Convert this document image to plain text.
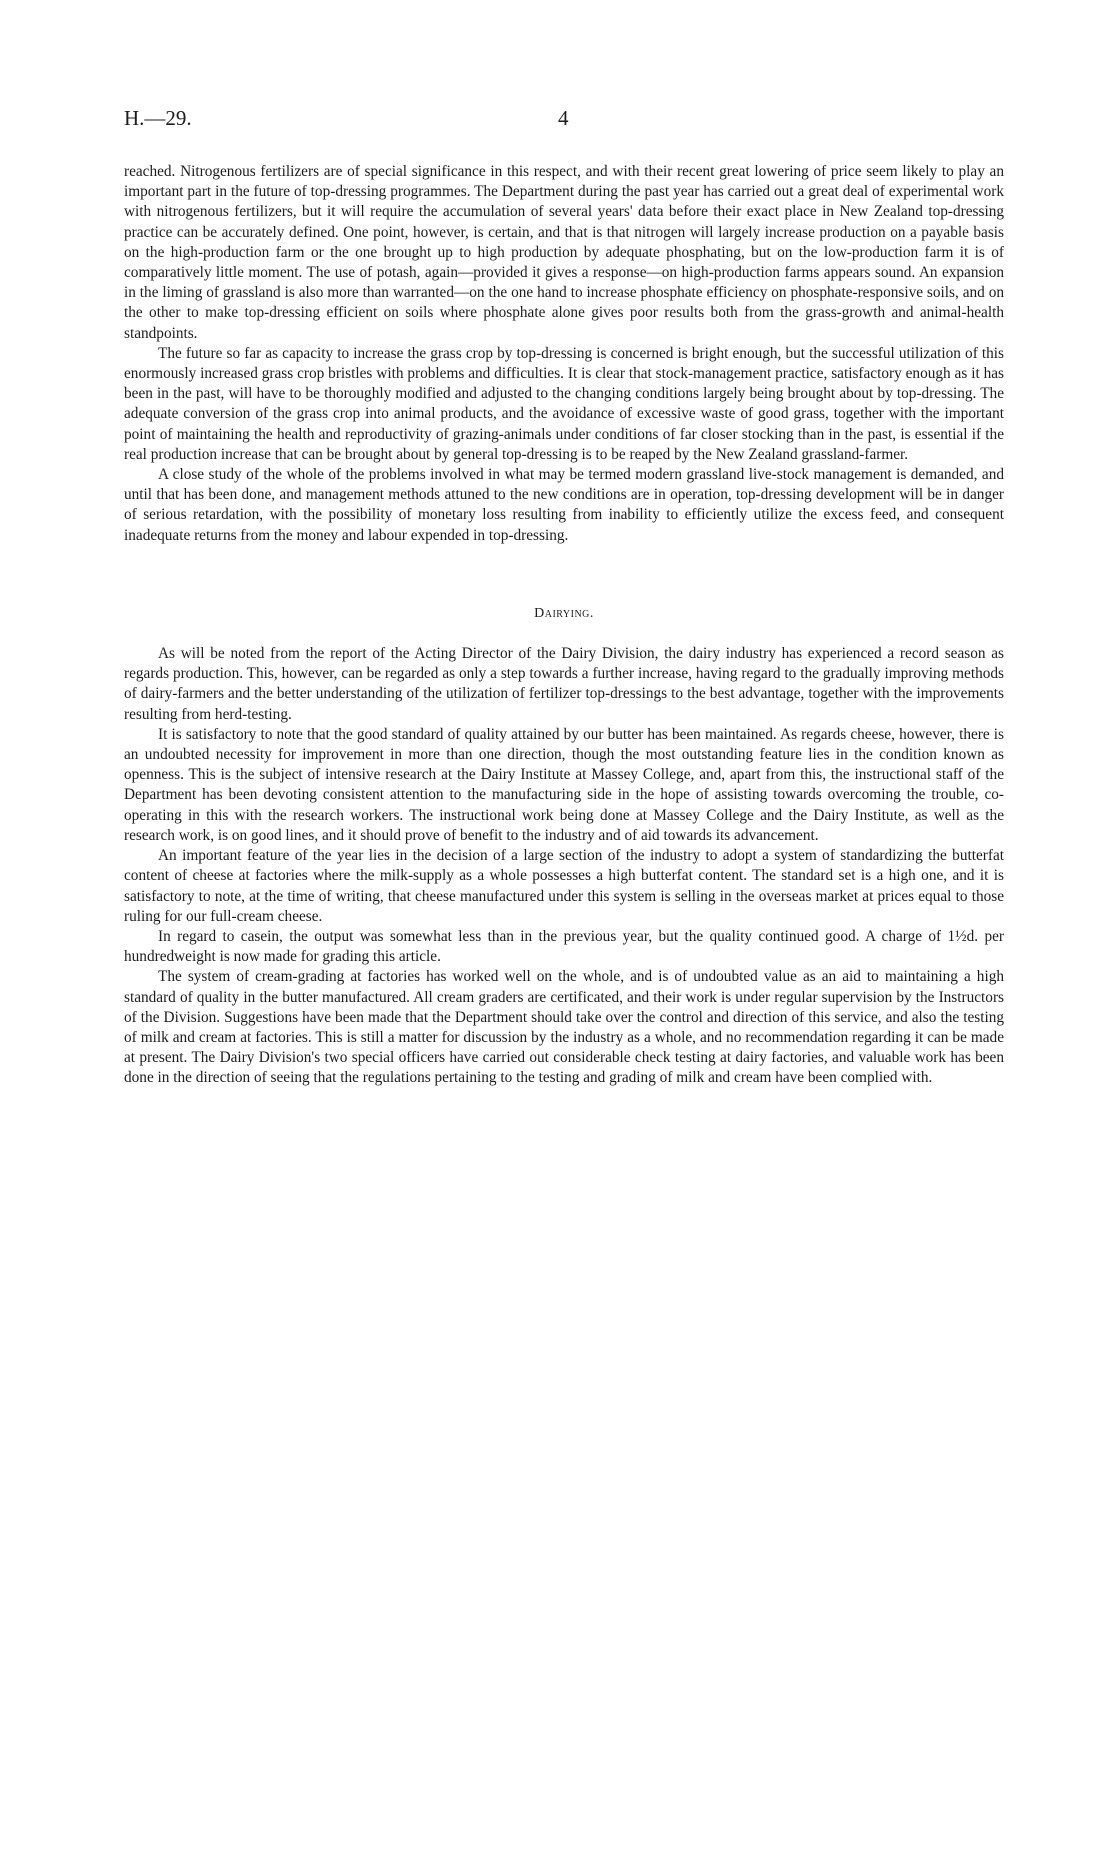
H.—29.	4

reached. Nitrogenous fertilizers are of special significance in this respect, and with their recent great lowering of price seem likely to play an important part in the future of top-dressing programmes. The Department during the past year has carried out a great deal of experimental work with nitrogenous fertilizers, but it will require the accumulation of several years' data before their exact place in New Zealand top-dressing practice can be accurately defined. One point, however, is certain, and that is that nitrogen will largely increase production on a payable basis on the high-production farm or the one brought up to high production by adequate phosphating, but on the low-production farm it is of comparatively little moment. The use of potash, again—provided it gives a response—on high-production farms appears sound. An expansion in the liming of grassland is also more than warranted—on the one hand to increase phosphate efficiency on phosphate-responsive soils, and on the other to make top-dressing efficient on soils where phosphate alone gives poor results both from the grass-growth and animal-health standpoints.

The future so far as capacity to increase the grass crop by top-dressing is concerned is bright enough, but the successful utilization of this enormously increased grass crop bristles with problems and difficulties. It is clear that stock-management practice, satisfactory enough as it has been in the past, will have to be thoroughly modified and adjusted to the changing conditions largely being brought about by top-dressing. The adequate conversion of the grass crop into animal products, and the avoidance of excessive waste of good grass, together with the important point of maintaining the health and reproductivity of grazing-animals under conditions of far closer stocking than in the past, is essential if the real production increase that can be brought about by general top-dressing is to be reaped by the New Zealand grassland-farmer.

A close study of the whole of the problems involved in what may be termed modern grassland live-stock management is demanded, and until that has been done, and management methods attuned to the new conditions are in operation, top-dressing development will be in danger of serious retardation, with the possibility of monetary loss resulting from inability to efficiently utilize the excess feed, and consequent inadequate returns from the money and labour expended in top-dressing.

Dairying.

As will be noted from the report of the Acting Director of the Dairy Division, the dairy industry has experienced a record season as regards production. This, however, can be regarded as only a step towards a further increase, having regard to the gradually improving methods of dairy-farmers and the better understanding of the utilization of fertilizer top-dressings to the best advantage, together with the improvements resulting from herd-testing.

It is satisfactory to note that the good standard of quality attained by our butter has been maintained. As regards cheese, however, there is an undoubted necessity for improvement in more than one direction, though the most outstanding feature lies in the condition known as openness. This is the subject of intensive research at the Dairy Institute at Massey College, and, apart from this, the instructional staff of the Department has been devoting consistent attention to the manufacturing side in the hope of assisting towards overcoming the trouble, co-operating in this with the research workers. The instructional work being done at Massey College and the Dairy Institute, as well as the research work, is on good lines, and it should prove of benefit to the industry and of aid towards its advancement.

An important feature of the year lies in the decision of a large section of the industry to adopt a system of standardizing the butterfat content of cheese at factories where the milk-supply as a whole possesses a high butterfat content. The standard set is a high one, and it is satisfactory to note, at the time of writing, that cheese manufactured under this system is selling in the overseas market at prices equal to those ruling for our full-cream cheese.

In regard to casein, the output was somewhat less than in the previous year, but the quality continued good. A charge of 1½d. per hundredweight is now made for grading this article.

The system of cream-grading at factories has worked well on the whole, and is of undoubted value as an aid to maintaining a high standard of quality in the butter manufactured. All cream graders are certificated, and their work is under regular supervision by the Instructors of the Division. Suggestions have been made that the Department should take over the control and direction of this service, and also the testing of milk and cream at factories. This is still a matter for discussion by the industry as a whole, and no recommendation regarding it can be made at present. The Dairy Division's two special officers have carried out considerable check testing at dairy factories, and valuable work has been done in the direction of seeing that the regulations pertaining to the testing and grading of milk and cream have been complied with.
